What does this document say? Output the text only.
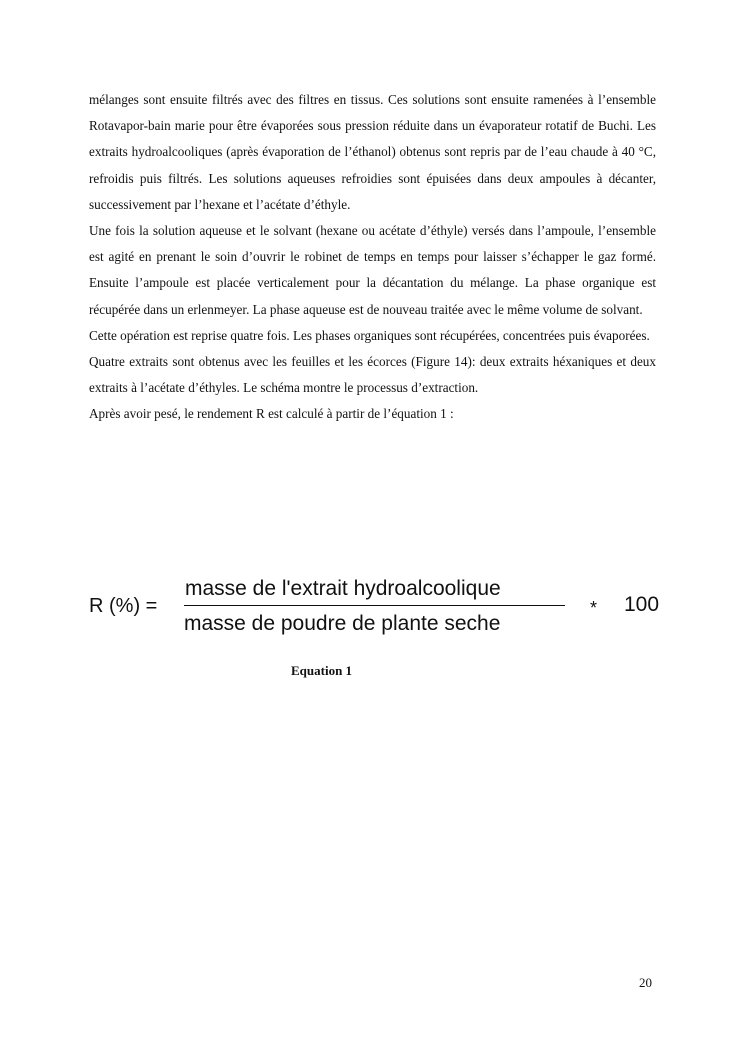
mélanges sont ensuite filtrés avec des filtres en tissus. Ces solutions sont ensuite ramenées à l’ensemble Rotavapor-bain marie pour être évaporées sous pression réduite dans un évaporateur rotatif de Buchi. Les extraits hydroalcooliques (après évaporation de l’éthanol) obtenus sont repris par de l’eau chaude à 40 °C, refroidis puis filtrés. Les solutions aqueuses refroidies sont épuisées dans deux ampoules à décanter, successivement par l’hexane et l’acétate d’éthyle.

Une fois la solution aqueuse et le solvant (hexane ou acétate d’éthyle) versés dans l’ampoule, l’ensemble est agité en prenant le soin d’ouvrir le robinet de temps en temps pour laisser s’échapper le gaz formé. Ensuite l’ampoule est placée verticalement pour la décantation du mélange. La phase organique est récupérée dans un erlenmeyer. La phase aqueuse est de nouveau traitée avec le même volume de solvant.

Cette opération est reprise quatre fois. Les phases organiques sont récupérées, concentrées puis évaporées.

Quatre extraits sont obtenus avec les feuilles et les écorces (Figure 14): deux extraits héxaniques et deux extraits à l’acétate d’éthyles. Le schéma montre le processus d’extraction.

Après avoir pesé, le rendement R est calculé à partir de l’équation 1 :

R (%) =
masse de l'extrait hydroalcoolique
masse de poudre de plante seche
* 100
Equation 1
20
